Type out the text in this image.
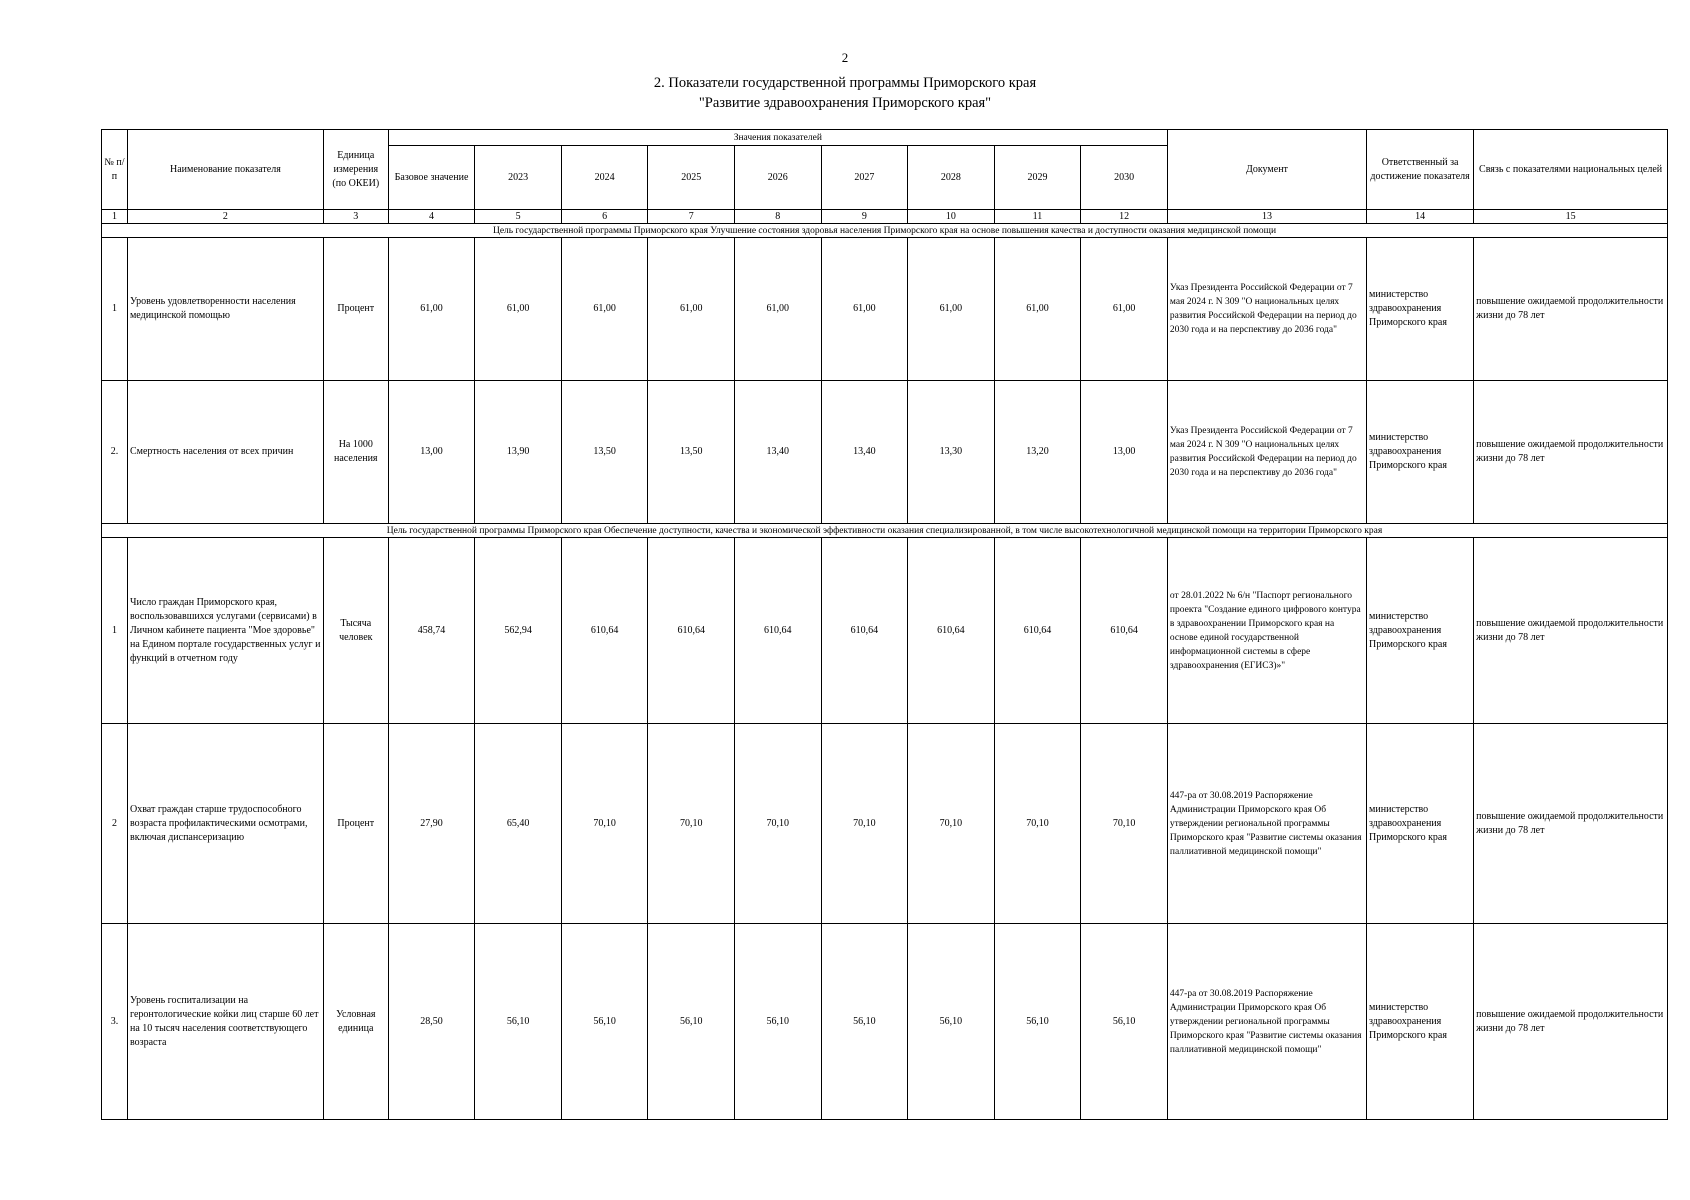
2
2. Показатели государственной программы Приморского края
"Развитие здравоохранения Приморского края"
№ п/п	Наименование показателя	Единица измерения (по ОКЕИ)	Значения показателей									Документ	Ответственный за достижение показателя	Связь с показателями национальных целей
			Базовое значение	2023	2024	2025	2026	2027	2028	2029	2030			
1	2	3	4	5	6	7	8	9	10	11	12	13	14	15
Цель государственной программы Приморского края Улучшение состояния здоровья населения Приморского края на основе повышения качества и доступности оказания медицинской помощи														
1	Уровень удовлетворенности населения медицинской помощью	Процент	61,00	61,00	61,00	61,00	61,00	61,00	61,00	61,00	61,00	Указ Президента Российской Федерации от 7 мая 2024 г. N 309 "О национальных целях развития Российской Федерации на период до 2030 года и на перспективу до 2036 года"	министерство здравоохранения Приморского края	повышение ожидаемой продолжительности жизни до 78 лет
2.	Смертность населения от всех причин	На 1000 населения	13,00	13,90	13,50	13,50	13,40	13,40	13,30	13,20	13,00	Указ Президента Российской Федерации от 7 мая 2024 г. N 309 "О национальных целях развития Российской Федерации на период до 2030 года и на перспективу до 2036 года"	министерство здравоохранения Приморского края	повышение ожидаемой продолжительности жизни до 78 лет
Цель государственной программы Приморского края Обеспечение доступности, качества и экономической эффективности оказания специализированной, в том числе высокотехнологичной медицинской помощи на территории Приморского края														
1	Число граждан Приморского края, воспользовавшихся услугами (сервисами) в Личном кабинете пациента "Мое здоровье" на Едином портале государственных услуг и функций в отчетном году	Тысяча человек	458,74	562,94	610,64	610,64	610,64	610,64	610,64	610,64	610,64	от 28.01.2022 № 6/н "Паспорт регионального проекта "Создание единого цифрового контура в здравоохранении Приморского края на основе единой государственной информационной системы в сфере здравоохранения (ЕГИСЗ)»"	министерство здравоохранения Приморского края	повышение ожидаемой продолжительности жизни до 78 лет
2	Охват граждан старше трудоспособного возраста профилактическими осмотрами, включая диспансеризацию	Процент	27,90	65,40	70,10	70,10	70,10	70,10	70,10	70,10	70,10	447-ра от 30.08.2019 Распоряжение Администрации Приморского края Об утверждении региональной программы Приморского края "Развитие системы оказания паллиативной медицинской помощи"	министерство здравоохранения Приморского края	повышение ожидаемой продолжительности жизни до 78 лет
3.	Уровень госпитализации на геронтологические койки лиц старше 60 лет на 10 тысяч населения соответствующего возраста	Условная единица	28,50	56,10	56,10	56,10	56,10	56,10	56,10	56,10	56,10	447-ра от 30.08.2019 Распоряжение Администрации Приморского края Об утверждении региональной программы Приморского края "Развитие системы оказания паллиативной медицинской помощи"	министерство здравоохранения Приморского края	повышение ожидаемой продолжительности жизни до 78 лет
